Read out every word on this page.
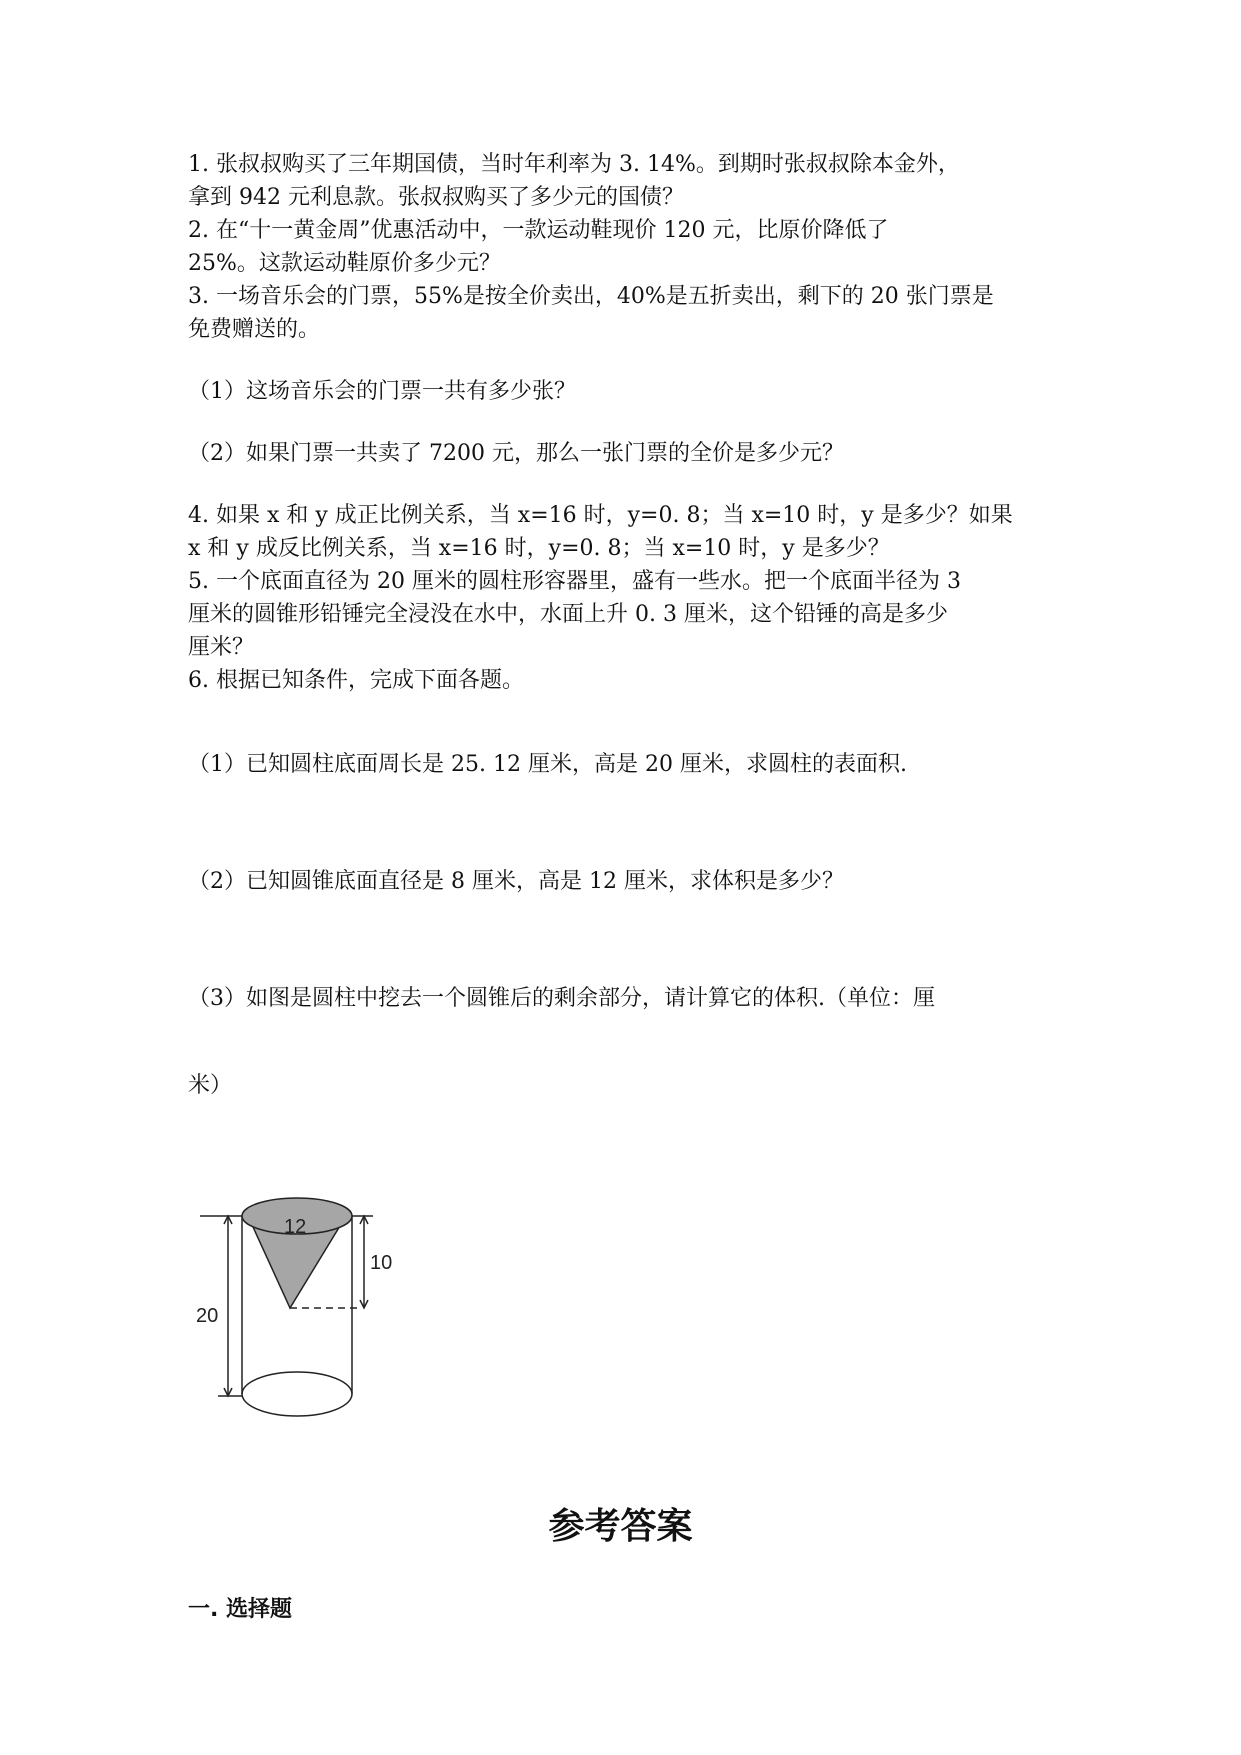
1. 张叔叔购买了三年期国债，当时年利率为 3. 14%。到期时张叔叔除本金外，
拿到 942 元利息款。张叔叔购买了多少元的国债？
2. 在“十一黄金周”优惠活动中，一款运动鞋现价 120 元，比原价降低了
25%。这款运动鞋原价多少元？
3. 一场音乐会的门票，55%是按全价卖出，40%是五折卖出，剩下的 20 张门票是
免费赠送的。
（1）这场音乐会的门票一共有多少张？
（2）如果门票一共卖了 7200 元，那么一张门票的全价是多少元？
4. 如果 x 和 y 成正比例关系，当 x=16 时，y=0. 8；当 x=10 时，y 是多少？如果
x 和 y 成反比例关系，当 x=16 时，y=0. 8；当 x=10 时，y 是多少？
5. 一个底面直径为 20 厘米的圆柱形容器里，盛有一些水。把一个底面半径为 3
厘米的圆锥形铅锤完全浸没在水中，水面上升 0. 3 厘米，这个铅锤的高是多少
厘米？
6. 根据已知条件，完成下面各题。
（1）已知圆柱底面周长是 25. 12 厘米，高是 20 厘米，求圆柱的表面积.
（2）已知圆锥底面直径是 8 厘米，高是 12 厘米，求体积是多少？
（3）如图是圆柱中挖去一个圆锥后的剩余部分，请计算它的体积.（单位：厘
米）
12
10
20
参考答案
一. 选择题
